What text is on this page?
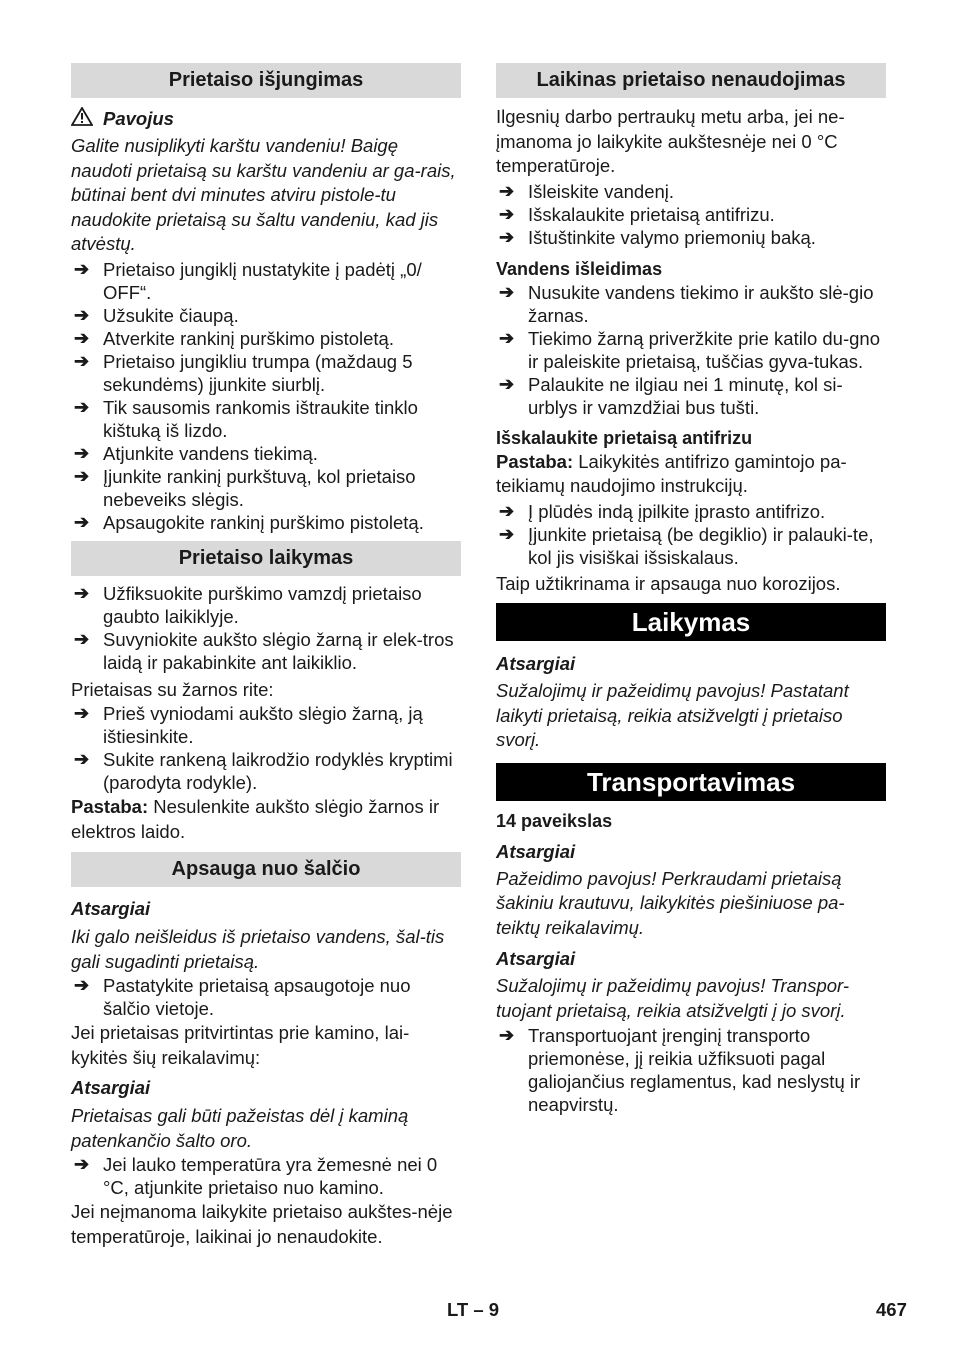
Prietaiso išjungimas
Pavojus

Galite nusiplikyti karštu vandeniu! Baigę naudoti prietaisą su karštu vandeniu ar ga-rais, būtinai bent dvi minutes atviru pistole-tu naudokite prietaisą su šaltu vandeniu, kad jis atvėstų.

➔ Prietaiso jungiklį nustatykite į padėtį „0/ OFF“.
➔ Užsukite čiaupą.
➔ Atverkite rankinį purškimo pistoletą.
➔ Prietaiso jungikliu trumpa (maždaug 5 sekundėms) įjunkite siurblį.
➔ Tik sausomis rankomis ištraukite tinklo kištuką iš lizdo.
➔ Atjunkite vandens tiekimą.
➔ Įjunkite rankinį purkštuvą, kol prietaiso nebeveiks slėgis.
➔ Apsaugokite rankinį purškimo pistoletą.
Prietaiso laikymas
➔ Užfiksuokite purškimo vamzdį prietaiso gaubto laikiklyje.
➔ Suvyniokite aukšto slėgio žarną ir elek-tros laidą ir pakabinkite ant laikiklio.

Prietaisas su žarnos rite:

➔ Prieš vyniodami aukšto slėgio žarną, ją ištiesinkite.
➔ Sukite rankeną laikrodžio rodyklės kryptimi (parodyta rodykle).

Pastaba: Nesulenkite aukšto slėgio žarnos ir elektros laido.

Apsauga nuo šalčio

Atsargiai

Iki galo neišleidus iš prietaiso vandens, šal-tis gali sugadinti prietaisą.

➔ Pastatykite prietaisą apsaugotoje nuo šalčio vietoje.

Jei prietaisas pritvirtintas prie kamino, lai-kykitės šių reikalavimų:

Atsargiai

Prietaisas gali būti pažeistas dėl į kaminą patenkančio šalto oro.

➔ Jei lauko temperatūra yra žemesnė nei 0 °C, atjunkite prietaiso nuo kamino.

Jei neįmanoma laikykite prietaiso aukštes-nėje temperatūroje, laikinai jo nenaudokite.

Laikinas prietaiso nenaudojimas

Ilgesnių darbo pertraukų metu arba, jei ne-įmanoma jo laikykite aukštesnėje nei 0 °C temperatūroje.

➔ Išleiskite vandenį.
➔ Išskalaukite prietaisą antifrizu.
➔ Ištuštinkite valymo priemonių baką.

Vandens išleidimas

➔ Nusukite vandens tiekimo ir aukšto slė-gio žarnas.
➔ Tiekimo žarną priveržkite prie katilo du-gno ir paleiskite prietaisą, tuščias gyva-tukas.
➔ Palaukite ne ilgiau nei 1 minutę, kol si-urblys ir vamzdžiai bus tušti.

Išskalaukite prietaisą antifrizu

Pastaba: Laikykitės antifrizo gamintojo pa-teikiamų naudojimo instrukcijų.

➔ Į plūdės indą įpilkite įprasto antifrizo.
➔ Įjunkite prietaisą (be degiklio) ir palauki-te, kol jis visiškai išsiskalaus.

Taip užtikrinama ir apsauga nuo korozijos.

Laikymas

Atsargiai

Sužalojimų ir pažeidimų pavojus! Pastatant laikyti prietaisą, reikia atsižvelgti į prietaiso svorį.

Transportavimas

14 paveikslas

Atsargiai

Pažeidimo pavojus! Perkraudami prietaisą šakiniu krautuvu, laikykitės piešiniuose pa-teiktų reikalavimų.

Atsargiai

Sužalojimų ir pažeidimų pavojus! Transpor-tuojant prietaisą, reikia atsižvelgti į jo svorį.

➔ Transportuojant įrenginį transporto priemonėse, jį reikia užfiksuoti pagal galiojančius reglamentus, kad neslystų ir neapvirstų.
LT – 9	467
